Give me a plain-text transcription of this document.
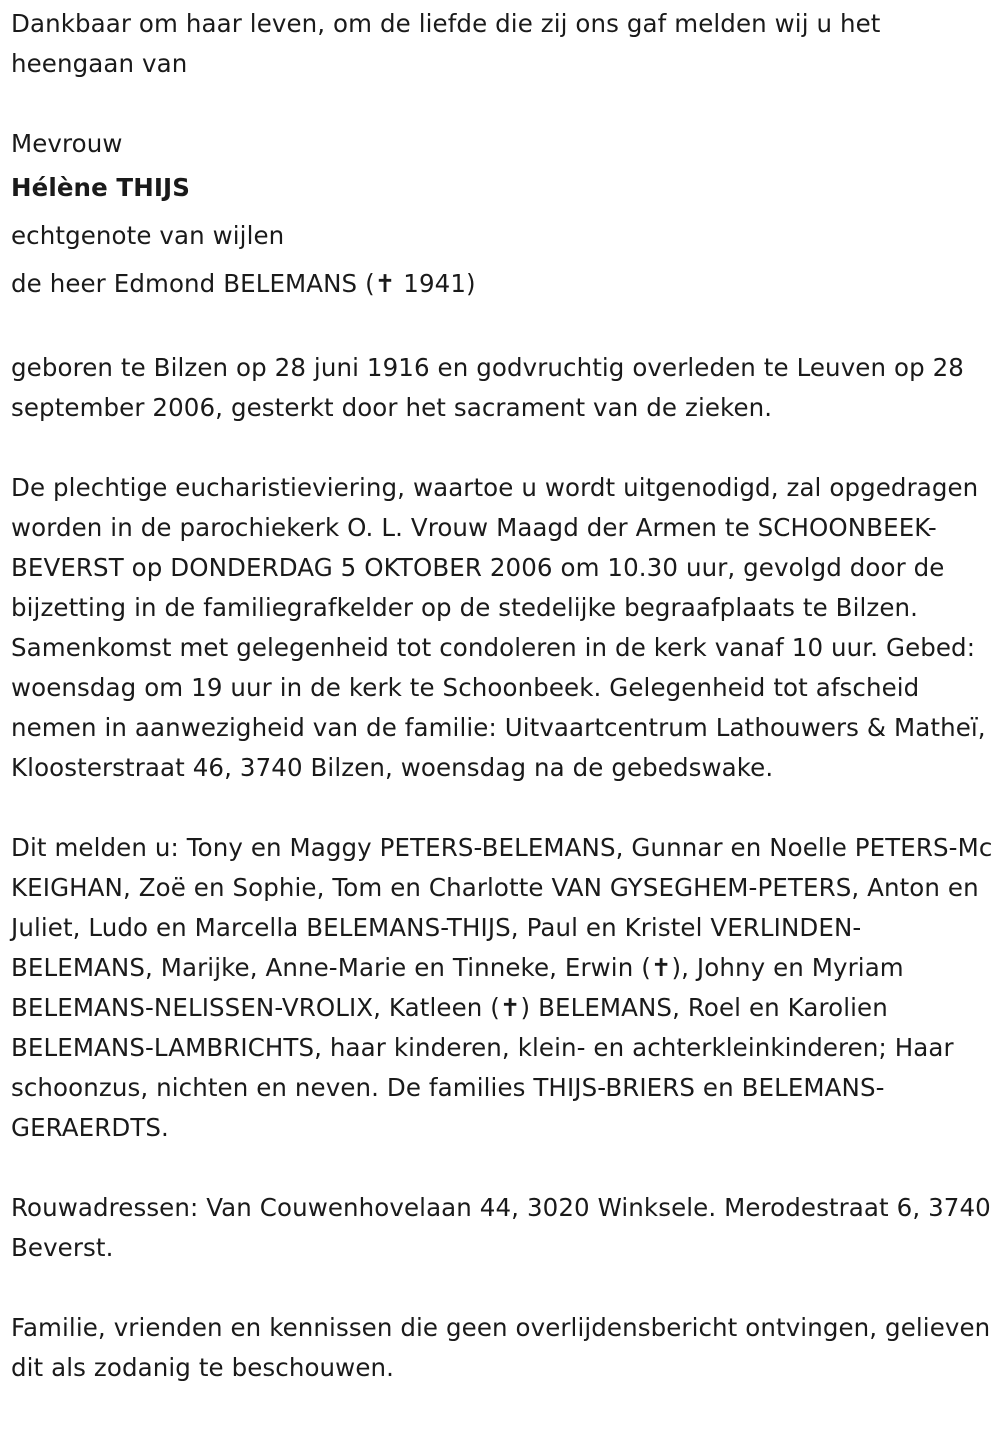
Dankbaar om haar leven, om de liefde die zij ons gaf melden wij u het heengaan van

Mevrouw

Hélène THIJS

echtgenote van wijlen

de heer Edmond BELEMANS (✝ 1941)

geboren te Bilzen op 28 juni 1916 en godvruchtig overleden te Leuven op 28 september 2006, gesterkt door het sacrament van de zieken.

De plechtige eucharistieviering, waartoe u wordt uitgenodigd, zal opgedragen worden in de parochiekerk O. L. Vrouw Maagd der Armen te SCHOONBEEK-BEVERST op DONDERDAG 5 OKTOBER 2006 om 10.30 uur, gevolgd door de bijzetting in de familiegrafkelder op de stedelijke begraafplaats te Bilzen. Samenkomst met gelegenheid tot condoleren in de kerk vanaf 10 uur. Gebed: woensdag om 19 uur in de kerk te Schoonbeek. Gelegenheid tot afscheid nemen in aanwezigheid van de familie: Uitvaartcentrum Lathouwers & Matheï, Kloosterstraat 46, 3740 Bilzen, woensdag na de gebedswake.

Dit melden u: Tony en Maggy PETERS-BELEMANS, Gunnar en Noelle PETERS-Mc KEIGHAN, Zoë en Sophie, Tom en Charlotte VAN GYSEGHEM-PETERS, Anton en Juliet, Ludo en Marcella BELEMANS-THIJS, Paul en Kristel VERLINDEN-BELEMANS, Marijke, Anne-Marie en Tinneke, Erwin (✝), Johny en Myriam BELEMANS-NELISSEN-VROLIX, Katleen (✝) BELEMANS, Roel en Karolien BELEMANS-LAMBRICHTS, haar kinderen, klein- en achterkleinkinderen; Haar schoonzus, nichten en neven. De families THIJS-BRIERS en BELEMANS-GERAERDTS.

Rouwadressen: Van Couwenhovelaan 44, 3020 Winksele. Merodestraat 6, 3740 Beverst.

Familie, vrienden en kennissen die geen overlijdensbericht ontvingen, gelieven dit als zodanig te beschouwen.
